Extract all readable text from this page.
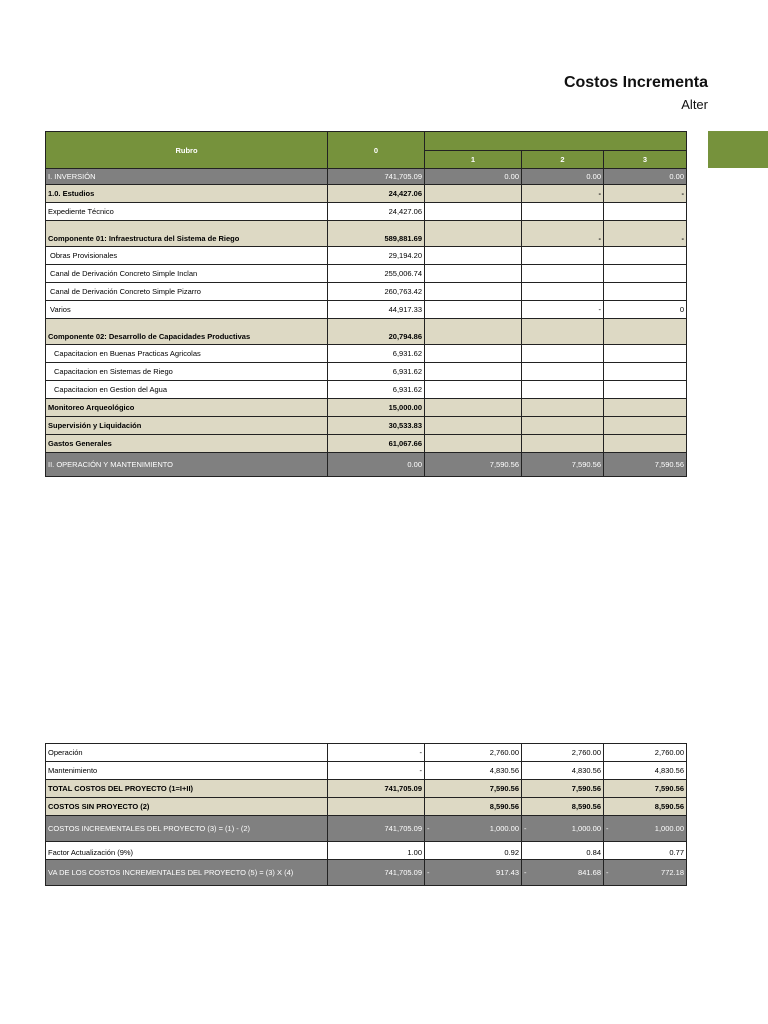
Costos Incrementa
Alter
Rubro	0			
		1	2	3
I. INVERSIÓN	741,705.09	0.00	0.00	0.00
1.0. Estudios	24,427.06		-	-
Expediente Técnico	24,427.06			
Componente 01: Infraestructura del Sistema de Riego	589,881.69		-	-
Obras Provisionales	29,194.20			
Canal de Derivación Concreto Simple Inclan	255,006.74			
Canal de Derivación Concreto Simple Pizarro	260,763.42			
Varios	44,917.33		-	0
Componente 02: Desarrollo de Capacidades Productivas	20,794.86			
Capacitacion en Buenas Practicas Agricolas	6,931.62			
Capacitacion en Sistemas de Riego	6,931.62			
Capacitacion en Gestion del Agua	6,931.62			
Monitoreo Arqueológico	15,000.00			
Supervisión y Liquidación	30,533.83			
Gastos Generales	61,067.66			
II. OPERACIÓN Y MANTENIMIENTO	0.00	7,590.56	7,590.56	7,590.56
Operación	-	2,760.00	2,760.00	2,760.00
Mantenimiento	-	4,830.56	4,830.56	4,830.56
TOTAL COSTOS DEL PROYECTO (1=I+II)	741,705.09	7,590.56	7,590.56	7,590.56
COSTOS SIN PROYECTO (2)		8,590.56	8,590.56	8,590.56
COSTOS INCREMENTALES DEL PROYECTO (3) = (1) - (2)	741,705.09	- 1,000.00	- 1,000.00	- 1,000.00

Factor Actualización (9%)	1.00	0.92	0.84	0.77
VA DE LOS COSTOS INCREMENTALES DEL PROYECTO (5) = (3) X (4)	741,705.09	- 917.43	- 841.68	- 772.18
